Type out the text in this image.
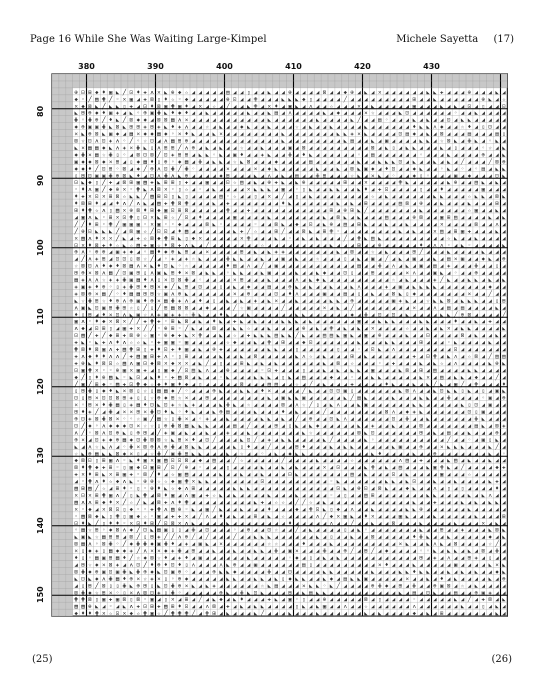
Page 16 While She Was Waiting Large-Kimpel	Michele Sayetta (17)
380	390	400	410	420	430
80
90
100
110
120
130
140
150
⊕ ⊡ ⊞ ◆ ♦ ▣ ◣ ╱ ⊡ ♦ ✚ ʌ ✕ ◣ ⊕ ◆ ☆ ◢ ◢ ◢ ◢ ◢ ▤ ◢ ◢ ▯ ◢ ◢ ◣ ◢ ◢ ⊕ ◢ ◢ ◢ ◢ ⊠ ◢ ◢ ◆ ⊕ ◢ ◣ ◢ ✕ ◢ ◢ ◢ ◢ ◢ ◢ ◣ ◣ ✚ ◢ ◢ ◢ ⊕ ◢ ◢ ◢ ◣ ◢
◆ ◦ ╱ ▤ ⋕ ╱ ◦ ✕ ▣ ◢ ✚ ⊠ ▯ ♦ ☆ ◦ ◆ ◢ ◢ ◢ ◢ ◢ ⊕ ⊡ ◢ ◢ ⋕ ◢ ◢ ◢ ◣ ◣ ◣ ◆ ▯ ◢ ◢ ◢ ◢ ╱ ◢ ◢ ◢ ◢ ◢ ◢ ◢ ◢ ◢ ⊞ ◢ ◢ ◣ ◢ ◢ ◢ ◢ ◢ ◢ ⊕ ◣ ◢ ☆
✕ ◆ ⊠ ◣ ╱ ◣ ◣ ▯ ✚ ◢ ⊡ ♦ ⊠ ▣ ⋕ ▣ ♦ ◢ ✕ ◢ ☆ ◢ ╱ ◢ ◢ ◣ ⋕ ◢ ✕ ♦ ◢ ▣ ◣ ◢ ʌ ◢ ◢ ☆ ◢ ◢ ◢ ✕ ◢ ◣ ◢ ◢ ◢ ◢ ◢ ▣ ◢ ◢ ◢ ◣ ◢ ◣ ◢ ⊡ ◢ ▯ ◢ ◢ ⊡
◣ ⊞ ⊕ ◆ ♦ ▣ ✚ ◢ ◣ ◦ ⊕ ▣ ⋕ ◣ ♦ ◆ ♦ ◢ ◢ ◣ ◢ ◢ ◢ ◢ ◢ ◣ ◢ ◢ ◣ ▤ ◢ ʌ ◢ ◢ ◢ ◢ ◣ ◢ ◆ ◢ ◢ ◢ ✕ ☆ ◢ ◢ ◢ ◣ ⊡ ◢ ◢ ◢ ◢ ◢ ◢ ◦ ◢ ◢ ◣ ◢ ◢ ◢ ◢
⋕ ◦ ⋕ ⊕ ╱ ♦ ◣ ╱ ⊠ ◆ ◆ ◢ ⊠ ⊠ ▤ ʌ ✕ ◢ ◢ ◢ ◢ ◢ ◢ ◢ ◢ ◢ ◢ ◢ ◣ ◢ ◢ ◢ ◢ ◢ ◢ ◣ ◢ ◢ ◢ ◢ ◣ ╱ ◢ ◢ ▤ ◦ ◢ ◢ ◢ ◣ ◢ ◣ ◢ ◢ ⊡ ◢ ◣ ◣ ◢ ◢ ◢ ◢ ◢
◆ ⊕ ▣ ▣ ⋕ ◣ ⊠ ◣ ⊞ ⊞ ✚ ⊞ ✚ ◣ ♦ ✚ ʌ ◢ ◢ ☆ ◢ ◣ ◢ ◢ ◆ ◣ ◢ ◢ ◣ ◢ ◢ ◢ ☆ ◢ ◣ ◢ ◢ ◣ ◢ ◢ ◢ ◢ ◣ ◢ ◢ ◢ ◢ ◢ ◢ ♦ ◣ ◣ ʌ ◆ ◢ ◢ ☆ ♦ ◢ ▯ ⊡ ◢ ◢
✕ ◣ ⊕ ⊠ ◣ ▣ ◆ ◢ ▤ ✕ ◆ ◆ ▤ ◆ ◦ ✕ ♦ ◣ ◢ ◢ ◣ ✕ ◢ ◢ ◢ ◢ ◢ ◢ ◢ ◢ ◣ ◢ ◢ ◢ ◢ ◢ ◢ ◢ ◣ ◣ ✚ ✕ ◣ ◢ ◢ ◢ ◢ ⊡ ▤ ◆ ◢ ◣ ◢ ⊠ ◢ ◢ ◢ ▤ ◢ ◢ ◢ ▤ ▯
⊠ ☆ ⊡ ʌ ⊡ ✚ ʌ ◦ ╱ ◦ ☆ ⊡ ◢ ʌ ▤ ⊞ ⊕ ◢ ◢ ◢ ◢ ◢ ◢ ◢ ◢ ◢ ◢ ◢ ◢ ◢ ◣ ◢ ◢ ◢ ◢ ◢ ◢ ◢ ◢ ◣ ▤ ◢ ◢ ◣ ◢ ▣ ◢ ◢ ◢ ◢ ◣ ◣ ◢ ☆ ⊠ ◣ ◢ ⋕ ◣ ◢ ◦ ◣ ◢
◣ ✕ ▤ ▤ ◆ ◣ ʌ ✚ ✕ ⋕ ◣ ▯ ʌ ⊞ ⊞ ╱ ʌ ⊕ ◢ ◣ ◢ ◣ ◢ ◢ ☆ ◢ ◢ ◣ ◢ ◢ ◢ ▣ ◢ ⊠ ◢ ◢ ◢ ◢ ◢ ◢ ◢ ◢ ◢ ⊠ ◢ ◣ ▯ ◢ ◣ ◣ ◢ ◢ ◢ ◣ ◢ ▯ ◢ ◢ ◢ ◦ ☆ ◢ ◣
◆ ⋕ ✕ ▤ ☆ ⋕ ▯ ◦ ◢ ⊠ ⊡ ⊠ ╱ ⊡ ✚ ⊞ ⊞ ◢ ◣ ◣ ◦ ◣ ◢ ▣ ♦ ◢ ◢ ✚ ◣ ◢ ◢ ⋕ ◢ ♦ ◣ ◢ ◢ ◢ ◢ ◢ ◢ ◦ ◢ ▤ ◢ ◢ ◢ ◢ ◢ ◢ ◦ ◢ ◢ ◢ ◣ ◢ ◢ ◢ ◢ ⊕ ◢ ◢ ◣
▣ ◆ ◆ ⊠ ◆ ✕ ⊞ ◢ ▯ ◆ ▤ ♦ ▯ ⊕ ◦ ◆ ▤ ◢ ⋕ ◢ ◣ ◣ ◢ ☆ ◣ ⊠ ◢ ◢ ◢ ◆ ◢ ◢ ◢ ◢ ▤ ◢ ◢ ◢ ◢ ◢ ◢ ◣ ◢ ◢ ◣ ◣ ◣ ⊡ ◢ ◣ ◢ ◢ ◣ ◢ ◣ ◢ ╱ ◢ ◢ ◢ ╱ ⊠ ⊕
◆ ◆ ♦ ╱ ⊡ ⊞ ◦ ⊠ ◢ ◆ ╱ ⊕ ʌ ⊡ ⋕ ╱ ⋕ ◦ ◢ ◢ ◢ ◢ ✕ ◢ ◢ ◢ ✕ ◢ ◆ ◣ ◢ ◢ ◢ ◢ ◢ ◣ ◢ ◢ ◣ ◢ ⊠ ◣ ▣ ◆ ◢ ♦ ⊡ ◢ ◢ ◆ ◣ ◢ ◢ ◦ ◣ ◢ ◦ ◢ ◦ ▤ ◢ ◣ ◣
▯ ⊞ ⊡ ▣ ▣ ⋕ ⊕ ⊠ ◣ ♦ ◢ ⊡ ʌ ⋕ ʌ ◣ ⊕ ◢ ◢ ◢ ◢ ◆ ⊞ ◢ ◢ ◢ ◣ ◢ ʌ ◢ ◣ ◢ ▤ ◢ ◢ ⋕ ⊞ ◢ ◢ ◢ ☆ ◣ ◢ ✕ ◣ ◢ ◦ ◢ ◢ ◆ ▯ ◦ ◢ ◢ ◢ ▣ ◢ ◆ ◢ ◢ ◢ ⊡ ◣
⊡ ◣ ◆ ▯ ╱ ✚ ◢ ⊠ ⊞ ▣ ▤ ✚ ◣ ⊞ ⊞ ▯ ✚ ◢ ◢ ▣ ◢ ◢ ⊡ ☆ ▤ ◢ ◣ ◢ ⊕ ✚ ◣ ◢ ◣ ⊕ ◢ ◢ ◢ ◢ ◢ ⊞ ◢ ◢ ✕ ◢ ◢ ◢ ◢ ⋕ ◣ ◢ ◢ ◢ ◢ ◢ ◣ ⊕ ◢ ◢ ▤ ◣ ◢ ◣ ◢
◦ ♦ ʌ ▣ ╱ ◆ ⊕ ✕ ◦ ⋕ ◣ ʌ ⊠ ✕ ◦ ▯ ☆ ◢ ◦ ◢ ◣ ◢ ◢ ◢ ◢ ✕ ◣ ◣ ◣ ◢ ▣ ◢ ◦ ▯ ◣ ◢ ◢ ◣ ◣ ◢ ◢ ◣ ♦ ◢ ✚ ⊡ ◢ ◢ ◢ ◢ ▯ ◢ ◢ ♦ ◢ ◢ ◢ ◢ ◢ ▣ ◢ ◢ ◢
♦ ✚ ✕ ⊡ ✕ ⊞ ⊠ ☆ ◣ ◣ ╱ ▤ ⊞ ⊡ ▯ ◣ ▯ ◢ ◢ ◢ ◢ ▤ ◦ ☆ ◢ ◢ ▯ ◢ ✕ ◢ ╱ ◢ ▯ ◢ ◣ ◢ ◢ ◢ ◢ ◢ ◢ ◢ ◢ ☆ ◢ ◣ ◢ ◢ ◢ ◢ ◢ ◢ ◣ ◣ ◢ ◢ ◢ ☆ ◣ ◣ ◢ ⊠ ◣
♦ ⊠ ⊞ ♦ ◢ ◢ ♦ ʌ ╱ ʌ ◣ ◢ ▤ ✚ ⋕ ⊠ ⋕ ◢ ◢ ◢ ◣ ◢ ✚ ◢ ◢ ◢ ◢ ◢ ◢ ◢ ♦ ◣ ◢ ◢ ◢ ◢ ◢ ◢ ◣ ◢ ◣ ◢ ⊞ ◢ ◢ ◢ ◢ ▤ ⊠ ◢ ⊕ ◢ ◢ ◣ ◢ ◢ ◢ ◣ ◢ ◢ ◢ ⊞ ◢
⊞ ♦ ⋕ ☆ ʌ ▯ ▤ ✕ ⊕ ⊠ ♦ ⊞ ◆ ▣ ⊡ ⊞ ⊠ ◢ ◢ ◢ ◢ ◢ ⋕ ◢ ◢ ✚ ◢ ◢ ◢ ◢ ◢ ◢ ◢ ◢ ◢ ◢ ◢ ⊞ ◢ ⊕ ⊞ ◣ ╱ ◢ ◢ ◢ ◢ ◢ ◢ ◢ ◣ ◢ ◢ ◢ ◢ ◢ ◢ ☆ ▣ ◢ ◢ ◣ ◢
◢ ▣ ʌ ◣ ◦ ⊞ ✕ ⊡ ⋕ ▯ ⊡ ✕ ◣ ⊞ ☆ ╱ ⊡ ◢ ♦ ◢ ◢ ◢ ◢ ▣ ◢ ◢ ◢ ◢ ◣ ◢ ◢ ◢ ◢ ◢ ◢ ◢ ◣ ◢ ⊠ ◣ ◢ ◣ ◢ ◢ ◢ ▤ ◢ ◢ ◢ ⊕ ⊠ ◢ ◢ ▣ ⊞ ▤ ◢ ◢ ◢ ◢ ◣ ◢ ◣
╱ ╱ ♦ ⊞ ◦ ⋕ ╱ ▣ ▣ ▣ ◦ ✕ ▣ ◦ ◦ ◆ ◢ ◢ ◢ ⊠ ◣ ◦ ◢ ◢ ◢ ◢ ◦ ◢ ◢ ⊠ ◣ ◢ ◆ ◢ ⊡ ◢ ◣ ⊕ ◢ ▤ ◢ ⊞ ◣ ◢ ◢ ◣ ◢ ◢ ◣ ◢ ◢ ◢ ◢ ✕ ◢ ◢ ◢ ◢ ⊠ ◢ ◢ ʌ ◢
╱ ⊕ ⊡ ◣ ◣ ◣ ╱ ◢ ⊠ ▣ ☆ ╱ ⊡ ⊡ ◢ ♦ ▤ ◢ ◢ ◢ ◢ ◢ ◢ ◣ ✚ ╱ ☆ ◢ ◢ ⊞ ╱ ◢ ◢ ⊠ ◣ ◢ ⊞ ⋕ ◦ ◢ ◢ ◢ ◢ ◢ ◢ ◢ ◢ ◣ ◢ ◣ ◢ ◢ ✕ ▤ ◢ ⊞ ▣ ✚ ◢ ◢ ◢ ◣ ◢
✕ ▤ ʌ ♦ ✕ ✕ ╱ ◣ ◢ ✚ ☆ ⊠ ◆ ⋕ ⊞ ◣ ▯ ◆ ✕ ◢ ◢ ◢ ◢ ◢ ✕ ⋕ ◢ ◢ ◢ ◣ ◢ ◦ ◢ ◣ ◢ ◣ ◢ ◢ ◢ ╱ ◢ ⋕ ◣ ▤ ◣ ◢ ◢ ◢ ◢ ◢ ◢ ◢ ◢ ◢ ☆ ◣ ◢ ◢ ◣ ◢ ◢ ◢ ◢
⊡ ✕ ♦ ⊠ ✚ ♦ ☆ ◣ ☆ ▤ ✚ ▣ ☆ ♦ ⊠ ✚ ʌ ◣ ◢ ╱ ◢ ◢ ◢ ◢ ◢ ◢ ◢ ☆ ◢ ◢ ◢ ◢ ◢ ◢ ◢ ◢ ◢ ◣ ◢ ◢ ◢ ⊞ ◢ ◢ ⊕ ◢ ◢ ◢ ◢ ◢ ♦ ◢ ʌ ʌ ◦ ◢ ◣ ◦ ◢ ◢ ◢ ◢ ◣
⊕ ʌ ◦ ⊕ ⊕ ◢ ▣ ✚ ◆ ◢ ◦ ▤ ♦ ◆ ⊕ ◣ ⊞ ◢ ◢ ✕ ◢ ◢ ◢ ◢ ⊞ ◢ ◣ ◢ ◣ ✚ ✚ ◢ ◢ ◢ ◢ ◢ ◢ ◢ ◣ ◢ ⊠ ◢ ◢ ☆ ◢ ◣ ◢ ◢ ◢ ⊞ ╱ ◢ ◢ ◢ ◣ ◢ ◢ ◢ ◢ ◣ ◢ ◢ ◢
◢ ╱ ʌ ✚ ⊞ ◢ ⊡ ⊡ ▯ ⊠ ☆ ╱ ◢ ◦ ✚ ◢ ✚ ☆ ◣ ◢ ◢ ◢ ⋕ ◣ ◣ ◢ ◢ ◣ ◢ ◢ ▣ ◢ ◣ ◢ ◢ ☆ ◢ ◢ ◢ ▯ ◢ ◣ ◢ ▣ ◢ ╱ ◢ ◣ ◢ ▣ ◢ ◢ ◣ ◢ ▤ ✕ ▣ ◢ ◢ ◆ ◣ ◢ ⊕
☆ ⊠ ⊡ ʌ ♦ ◆ ♦ ⊠ ▤ ʌ ✕ ◣ ♦ ⊡ ◣ ◦ ☆ ◢ ◢ ◢ ◢ ◢ ♦ ▤ ◢ ʌ ◢ ╱ ◢ ▣ ◢ ◢ ◢ ◢ ◢ ◢ ◢ ◢ ◢ ◢ ◢ ▤ ◢ ◢ ⋕ ◢ ʌ ◢ ◣ ◢ ▣ ◢ ▤ ◢ ✚ ◢ ◢ ◢ ⋕ ◢ ◢ ▯ ◢
⊞ ⊕ ✕ ⊠ ʌ ▤ ╱ ⊡ ▣ ⊞ ▯ ʌ ▣ ◣ ⊞ ♦ ✕ ⊠ ◢ ◣ ◣ ◢ ◦ ◣ ◣ ◢ ◢ ◣ ▣ ◢ ◢ ◢ ◣ ◢ ◢ ◣ ◆ ◢ ◢ ⊡ ▯ ◢ ◢ ⊞ ◢ ◢ ◢ ◢ ✕ ʌ ◢ ◢ ▣ ◣ ◢ ◦ ◢ ◢ ⊕ ◢ ◢ ◢ ◢
▤ ✚ ʌ ʌ ☆ ✚ ✚ ⋕ ▣ ▤ ♦ ʌ ▯ ✕ ⊡ ⊠ ⋕ ◢ ◦ ◢ ◢ ◢ ◢ ✕ ⊞ ◢ ◢ ◢ ◣ ◢ ◢ ◢ ʌ ◢ ◣ ◆ ◣ ◢ ◢ ◢ ◢ ◢ ◢ ◢ ◢ ◢ ☆ ◢ ◣ ◢ ◢ ◢ ✚ ╱ ◣ ◢ ◢ ◣ ◣ ◢ ◣ ◢ ◣
✚ ▣ ✚ ♦ ⊕ ◦ ▯ ✚ ⋕ ⊞ ♦ ⊞ ✕ ◆ ╱ ◣ ⊞ ◢ ⊡ ◢ ◢ ▯ ◢ ◣ ◢ ◆ ◢ ◢ ▤ ◢ ◢ ⊕ ◣ ◢ ◣ ◢ ◢ ◣ ◢ ◢ ◣ ʌ ◢ ◢ ◢ ✚ ◢ ▣ ◢ ◣ ◣ ◣ ◣ ◢ ◢ ◢ ◢ ◢ ◢ ◢ ◆ ◢ ◢
✚ ⊠ ⊕ ✕ ▤ ╱ ◦ ♦ ▤ ▤ ⊞ ⊞ ☆ ▣ ʌ ⊕ ◣ ◢ ◢ ◢ ◢ ◢ ◢ ✕ ◢ ⊕ ◢ ◢ ◢ ⊡ ◢ ♦ ʌ ◢ ◢ ◢ ▣ ◢ ◢ ▤ ◢ ▯ ◢ ◣ ◢ ◢ ⊠ ◣ ▯ ◆ ◢ ◢ ◢ ◢ ◢ ◢ ◢ ✕ ◢ ◢ ╱ ◢ ◢
◣ ☆ ⋕ ⊞ ☆ ♦ ⊕ ʌ ⊕ ▣ ♦ ⊕ ✕ ▤ ⋕ ✚ ʌ ◢ ♦ ◢ ▯ ◢ ◣ ◢ ◣ ◢ ✚ ◢ ◣ ✕ ◢ ◢ ◣ ◢ ◢ ◢ ◢ ◣ ◣ ◢ ⊕ ◢ ◢ ◢ ◢ ◢ ▣ ✚ ◣ ◢ ◢ ☆ ◣ ◣ ⊠ ◢ ◣ ◣ ◣ ◢ ◢ ▯ ⊞
ʌ ▣ ◣ ⊡ ▣ ⊞ ⋕ ⊞ ☆ ▯ ╱ ▯ ╱ ⊞ ▤ ⊠ ⊠ ◢ ◢ ◆ ◢ ◢ ◢ ╱ ☆ ▣ ◢ ◢ ◢ ◢ ╱ ◢ ◢ ◢ ◢ ◢ ✕ ◢ ◣ ◢ ╱ ◢ ◢ ◢ ◢ ◢ ◢ ◢ ◢ ✕ ◢ ◢ ʌ ◢ ▤ ◢ ▤ ◢ ◢ ◢ ◢ ◣ ◢
♦ ▯ ⊞ ◢ ♦ ✕ ⊡ ʌ ◣ ▣ ☆ ʌ ✚ ▣ ✚ ✚ ☆ ⋕ ◣ ◢ ◢ ♦ ◣ ◢ ◢ ◣ ◢ ◢ ◢ ◢ ◢ ◢ ◣ ◣ ◢ ◢ ◢ ◢ ◢ ◢ ◆ ◢ ⋕ ◢ ⊡ ◢ ⊡ ◢ ◣ ◢ ◢ ◢ ◢ ◣ ◣ ╱ ⊕ ⊠ ◢ ◢ ◢ ◢ ╱
▣ ʌ ◦ ♦ ◆ ✕ ⊠ ✕ ╱ ╱ ✚ ⋕ ✚ ◦ ⊞ ◣ ⊠ ◢ ◣ ◢ ♦ ◣ ◢ ✚ ◣ ◢ ◣ ◢ ◢ ◢ ◣ ◣ ◣ ◢ ◣ ◢ ◢ ◢ ◢ ◢ ◢ ▣ ◢ ◢ ◣ ◣ ◣ ◢ ◢ ◢ ◣ ◣ ◢ ◢ ◢ ♦ ◢ ◢ ◣ ◢ ✚ ◢ ◢
ʌ ◆ ◢ ⊡ ⊞ ▯ ◢ ▣ ✚ ✕ ╱ ╱ ◦ ⊕ ⊞ ◦ ╱ ◣ ◢ ◢ ⊠ ◢ ◢ ◣ ◣ ☆ ◢ ◢ ◣ ◢ ◢ ◢ ◢ ⊕ ◢ ◣ ◢ ⋕ ◢ ◣ ◢ ◣ ◢ ✕ ◢ ◢ ◢ ◢ ☆ ◢ ◢ ◣ ◢ ◣ ✕ ◢ ◣ ◣ ◢ ◢ ◢ ◢ ◣
⊡ ▤ ╱ ✚ ╱ ◆ ⊞ ✚ ⊠ ⊕ ☆ ▣ ◦ ⊕ ◆ ✚ ◣ ✕ ⋕ ◢ ◢ ◣ ◢ ☆ ◢ ✚ ◣ ◣ ◣ ▤ ◣ ◣ ╱ ◣ ◢ ◢ ▤ ▤ ◣ ▣ ◣ ◢ ▣ ◢ ⊕ ◢ ◢ ◢ ◣ ◢ ◢ ⊡ ◢ ◢ ◢ ◢ ⊠ ◢ ◣ ◢ ◢ ◣ ◢
✚ ◣ ◦ ◣ ✚ ʌ ♦ ʌ ☆ ☆ ◣ ◦ ✚ ▣ ▣ ◦ ▣ ◢ ◢ ◢ ◢ ◢ ☆ ◆ ◢ ◢ ◣ ◢ ⋕ ◢ ⊞ ◢ ◢ ◆ ⊡ ◢ ◢ ◢ ◢ ◢ ◢ ◣ ◢ ◢ ◢ ◣ ◣ ◢ ◢ ◢ ⊞ ◢ ◢ ◢ ◦ ◣ ◢ ◢ ◢ ◢ ◣ ◢ ◢
⋕ ⊠ ♦ ⊠ ▣ ʌ ✚ ▤ ⋕ ⊞ ▯ ✚ ♦ ⊡ ✚ ♦ ▣ ◢ ◣ ◢ ⊕ ✚ ◢ ◢ ◢ ◢ ◢ ◢ ◣ ◣ ◢ ◢ ▯ ◢ ◢ ◢ ◢ ◢ ▯ ◢ ◢ ◦ ◢ ⊡ ◣ ◢ ʌ ◢ ◢ ◢ ◢ ◢ ◢ ◢ ◢ ⊡ ◢ ◢ ◢ ◢ ◢ ◢ ◢
✚ ʌ ◆ ♦ ♦ ʌ ʌ ╱ ✚ ▤ ▣ ⊞ ✚ ʌ ◦ ▯ ⊞ ◢ ◢ ◢ ◢ ◣ ◢ ◢ ◣ ◢ ⊠ ◢ ◢ ◢ ◢ ◢ ◣ ʌ ☆ ◢ ◣ ◢ ◢ ◢ ⊞ ◢ ◣ ◢ ◢ ◢ ◢ ◢ ◢ ✚ ◢ ⊡ ⋕ ◢ ◣ ʌ ◢ ☆ ⊠ ◢ ╱ ▤ ▤
✚ ⊕ ◣ ♦ ⊠ ⊡ ☆ ▤ ʌ ▣ ⊡ ◆ ⊠ ✕ ◆ ✕ ✕ ◢ ◣ ╱ ◢ ▯ ◢ ◢ ⊞ ◣ ◢ ◣ ◢ ◣ ◢ ◢ ◢ ◢ ◢ ◢ ◣ ◢ ⊠ ◢ ☆ ◢ ◢ ◢ ◦ ◢ ✚ ◢ ◢ ◢ ◣ ◢ ◣ ☆ ◢ ʌ ◢ ◢ ◢ ◢ ◣ ⊕ ◣
⊡ ▣ ⋕ ✕ ◦ ◦ ⊕ ▣ ✕ ▣ ✚ ◢ ▯ ▣ ◆ ╱ ⊡ ▤ ◣ ʌ ◢ ◢ ⊕ ◢ ◢ ◢ ◢ ◦ ⊡ ✚ ◢ ◢ ◢ ▯ ◢ ◢ ◣ ◢ ◣ ◢ ◣ ◣ ◢ ▣ ◢ ◢ ◢ ◣ ⊠ ◢ ⊞ ◢ ▤ ◢ ◢ ◢ ◢ ◣ ◣ ◢ ◢ ◢ ◢
◆ ╱ ▯ ♦ ⊕ ▤ ◣ ◦ ◣ ⊡ ◢ ◣ ♦ ◦ ✚ ▤ ⊠ ◢ ◣ ◢ ◢ ◦ ◣ ◢ ◢ ◢ ◣ ◣ ◣ ◢ ▯ ◣ ◢ ▤ ◢ ◢ ◢ ◆ ◢ ◢ ◦ ◢ ◢ ◣ ◣ ◢ ◢ ◢ ◢ ◢ ◣ ✕ ◢ ▤ ◢ ◣ ◣ ◢ ◆ ◢ ◢ ╱ ◢
╱ ▣ ╱ ⊞ ◆ ◦ ▤ ✚ ⊡ ⋕ ◆ ☆ ◆ ♦ ▣ ♦ ◆ ◢ ▯ ◢ ◢ ◢ ◢ ◢ ⊠ ◢ ◢ ◢ ▤ ▤ ◢ ◢ ☆ ◢ ╱ ◢ ◣ ◢ ◢ ◢ ✚ ◢ ◢ ◢ ◢ ♦ ◣ ◢ ◢ ◣ ◢ ◣ ╱ ◣ ◢ ▣ ╱ ◢ ⋕ ◢ ◢ ◢ ♦
▯ ⊞ ⋕ ▯ ◆ ♦ ◣ ✕ ⊠ ▯ ☆ ▯ ▤ ▤ ◆ ╱ ◦ ◢ ◢ ◢ ⊕ ◣ ◢ ◢ ◣ ◣ ◢ ♦ ✕ ◢ ◢ ◢ ◢ ╱ ◣ ◢ ◢ ⊡ ⊡ ▣ ▯ ◢ ◢ ◢ ◢ ◢ ◢ ◣ ⊠ ʌ ◢ ◢ ◣ ⊡ ◣ ◣ ▯ ◣ ◢ ▯ ◢ ▣ ◣
⊡ ▯ ⊞ ✕ ⊡ ⊡ ⊠ ⊞ ✚ ▯ ▯ ☆ ⊕ ◆ ⊞ ☆ ✕ ◢ ◢ ⊞ ◢ ◢ ◢ ◢ ◢ ◢ ◢ ◢ ◣ ◢ ▣ ◣ ◣ ▣ ◢ ◢ ◢ ◢ ◢ ◣ ╱ ▤ ◣ ◢ ◢ ◢ ◣ ◢ ◢ ◢ ◣ ◣ ◢ ◢ ⋕ ◢ ◢ ◢ ◢ ◦ ▣ ◢ ⊕
✕ ◦ ⊞ ✕ ♦ ⋕ ▤ ▯ ✚ ▤ ♦ ⊡ ◣ ⊡ ✚ ☆ ◣ ✚ ◢ ◢ ◢ ◣ ⋕ ◣ ◢ ☆ ◢ ◢ ◢ ◢ ⊠ ◢ ʌ ☆ ╱ ▯ ◢ ◣ ʌ ◢ ◢ ◣ ▣ ◢ ◢ ◢ ◢ ◢ ◢ ◣ ◣ ◢ ◢ ◢ ◢ ◢ ◣ ▯ ⊡ ◢ ▣ ◢ ◢
⊞ ♦ ✚ ╱ ◢ ⋕ ◢ ✕ ✕ ⊞ ✕ ⋕ ⊡ ♦ ◣ ◦ ♦ ◣ ◢ ◢ ◣ ⊕ ▤ ◢ ◢ ◢ ◣ ◢ ◢ ◢ ♦ ◢ ◣ ◢ ◢ ◢ ╱ ◢ ◢ ◢ ◢ ◢ ◢ ◢ ◢ ⊠ ʌ ◢ ◆ ✚ ◣ ◢ ◢ ◢ ◢ ◢ ◢ ⊡ ▯ ▣ ◢ ◢ ◢
⊕ ⊡ ✚ ⊠ ⋕ ⊠ ✕ ◦ ◦ ☆ ▣ ╱ ▤ ☆ ▯ ⋕ ✕ ◢ ◦ ✚ ◢ ◢ ◣ ◢ ◢ ◢ ◢ ◣ ◣ ◢ ◣ ◢ ╱ ◢ ⊕ ◢ ◢ ⊡ ◣ ʌ ◢ ◢ ◢ ◢ ◢ ◢ ⊡ ◢ ⋕ ◢ ◢ ◣ ◢ ◢ ◢ ◢ ◢ ◢ ⋕ ◣ ◢ ◢ ◢
⊡ ╱ ◆ ◦ ʌ ◆ ◆ ◆ ⊡ ✕ ☆ ☆ ▯ ⊕ ⋕ ⊠ ▤ ◣ ◣ ◣ ◢ ◢ ◢ ▤ ◢ ╱ ◢ ◢ ◢ ⊞ ◢ ▯ ◣ ◢ ◣ ◆ ◢ ◢ ◢ ◢ ◢ ◣ ◢ ✚ ◢ ◢ ◣ ◢ ◢ ◢ ⊠ ◢ ◢ ◢ ◢ ◢ ◢ ◢ ▤ ◣ ◢ ⊠ ✚
ʌ ╱ ◦ ⊠ ʌ ⊡ ⊕ ◣ ▯ ⊕ ⊞ ◢ ╱ ✚ ▣ ◢ ◣ ◢ ◢ ◣ ◢ ◢ ✚ ◢ ◢ ◣ ◢ ◢ ◢ ◢ ◢ ◢ ◢ ◣ ☆ ◢ ◢ ◢ ◢ ◢ ◢ ⊠ ◣ ⊡ ◢ ◢ ◢ ◢ ◢ ◢ ⊞ ◢ ◣ ◢ ▤ ◢ ◢ ◣ ◢ ◢ ◢ ⊕ ◢
⊕ ✕ ◢ ⊡ ✚ ◆ ⊕ ▤ ◆ ⊡ ⋕ ⊠ ⊠ ☆ ◣ ⊞ ✕ ♦ ◢ ⊡ ╱ ◢ ◢ ◢ ◣ ⊡ ╱ ◢ ✚ ◢ ◣ ◣ ◢ ◢ ◢ ◢ ◣ ╱ ◢ ◢ ◢ ◢ ◣ ◦ ◢ ◢ ◢ ◢ ◢ ◢ ◢ ◢ ◢ ◢ ╱ ◢ ◢ ◦ ◢ ▣ ▯ ◣ ◢
◣ ◢ ʌ ☆ ◣ ʌ ◢ ◦ ⋕ ✕ ⊠ ⊕ ʌ ⊕ ⋕ ◢ ⊠ ◣ ◣ ◢ ◢ ◢ ◢ ◣ ▯ ♦ ◢ ◢ ╱ ◢ ◢ ◢ ⊞ ♦ ◢ ◢ ◢ ◣ ◢ ◣ ◣ ◢ ◢ ◢ ◢ ◢ ◣ ▣ ◢ ◢ ⊕ ◢ ◢ ✕ ◣ ◣ ◣ ◢ ◢ ◢ ◣ ╱ ◢
☆ ◣ ⊕ ▤ ◣ ◣ ⊠ ◆ ✕ ▯ ◢ ☆ ⋕ ╱ ▣ ⋕ ⊞ ◣ ◣ ◢ ◢ ◢ ◣ ◢ ☆ ◢ ◢ ◦ ◢ ◣ ◢ ◆ ◣ ◣ ◢ ◢ ◢ ◢ ◢ ◢ ◢ ◢ ◢ ◣ ♦ ◢ ◢ ◢ ◢ ◣ ◢ ◢ ⊕ ◢ ◢ ◢ ◢ ◢ ◢ ◢ ◣ ◢ ◦
◆ ⊠ ⊡ ▯ ⊞ ▣ ʌ ◦ ◣ ♦ ▣ ✕ ▣ ▤ ⊡ ⊡ ⊠ ◢ ◆ ◢ ▤ ◢ ◢ ╱ ☆ ◢ ◢ ◢ ◢ ◢ ╱ ◢ ◢ ◢ ◢ ◣ ◢ ◢ ◢ ◢ ☆ ◢ ◢ ◢ ◢ ◢ ◢ ʌ ▤ ◢ ✚ ◢ ◢ ◢ ◣ ▤ ◢ ◣ ◢ ◢ ◣ ◢ ◢
⊠ ♦ ⋕ ◆ ✚ ⊞ ◦ ▯ ▣ ◆ ⊡ ▣ ⊞ ╱ ⊡ ╱ ⊕ ◢ ◦ ◢ ◢ ◢ ▯ ◢ ◢ ◢ ◢ ◣ ◢ ◢ ◣ ◢ ◣ ◢ ◢ ◢ ✕ ◢ ⊡ ◢ ◢ ◢ ◣ ⋕ ◢ ◣ ◢ ▤ ◢ ◢ ◢ ◣ ▣ ⋕ ◣ ◢ ╱ ◢ ◢ ◢ ◢ ◆ ✚
✚ ✕ ♦ ⊞ ◣ ✕ ⊞ ▣ ✚ ◦ ⊠ ╱ ♦ ◢ ☆ ▣ ▤ ◢ ◢ ◢ ◢ ◣ ◢ ◢ ◣ ◢ ◢ ◣ ◢ ◢ ◢ ⊡ ◣ ◢ ◢ ◢ ◢ ◢ ◢ ◢ ▤ ◢ ◣ ◢ ◢ ◢ ⊡ ◢ ◣ ◢ ◢ ◢ ◢ ▣ ◢ ◢ ◢ ☆ ◢ ◢ ◢ ◢ ◢
◢ ◦ ⋕ ʌ ♦ ☆ ◆ ʌ ◣ ◦ ⊕ ⊕ ☆ ☆ ◆ ▣ ⋕ ✕ ◣ ◣ ◢ ◢ ◢ ◢ ◢ ◢ ◢ ⊡ ◢ ◢ ◢ ◢ ◢ ◢ ◢ ◢ ◢ ◦ ◣ ◢ ◢ ◢ ◢ ◢ ◢ ◣ ◣ ◢ ◣ ⊡ ◢ ◢ ◣ ◢ ◢ ◣ ◢ ◢ ◢ ◢ ◣ ✚ ◢
▤ ⊞ ▤ ╱ ☆ ◢ ⊞ ♦ ◦ ▯ ◦ ⊕ ♦ ◣ ☆ ◆ ʌ ⊞ ◢ ◢ ◢ ◢ ◢ ◣ ◣ ◣ ◢ ◢ ◢ ◢ ◢ ◢ ◢ ◢ ◢ ◢ ◢ ◢ ⊡ ◣ ◢ ⊕ ⊡ ◢ ⊠ ◣ ◢ ◢ ◆ ◣ ◢ ◢ ʌ ◢ ▯ ◢ ▯ ◢ ◢ ◢ ◢ ♦ ◢
✕ ⊡ ✕ ⊞ ⋕ ▣ ʌ ╱ ▯ ◣ ⋕ ◢ ⊠ ♦ ▣ ◢ ʌ ▣ ◢ ✚ ☆ ◣ ◢ ◣ ◢ ◢ ◢ ◢ ◣ ◢ ◢ ◢ ◣ ◢ ◢ ◢ ◢ ◦ ◢ ▯ ◢ ◢ ▤ ⊞ ◢ ◢ ◢ ◢ ◢ ◢ ◢ ◣ ◣ ◢ ◢ ◢ ◢ ◣ ◢ ◣ ʌ ◢ ◢
▤ ʌ ʌ ⊞ ◆ ♦ ✕ ╱ ☆ ╱ ◣ ◢ ⊠ ✚ ʌ ♦ ⋕ ◢ ◢ ◢ ◢ ◢ ◢ ◢ ◢ ◢ ◣ ✚ ◢ ☆ ☆ ◢ ╱ ╱ ☆ ◢ ◣ ◢ ◢ ◢ ◢ ◢ ◢ ◢ ◢ ◢ ◢ ◢ ◢ ◣ ◢ ◢ ✚ ◢ ◢ ◢ ◣ ◢ ◣ ◢ ◣ ◣ ◢
✕ ◦ ◆ ◢ ✕ ⊠ ⊡ ▯ ◆ ◦ ◦ ✚ ⋕ ʌ ▤ ⊕ ◦ ◣ ◢ ▣ ╱ ◣ ◢ ◢ ◣ ◢ ◢ ◢ ♦ ◢ ◢ ◢ ◆ ◢ ⋕ ⊡ ◣ ▯ ◆ ◢ ʌ ◢ ◢ ◣ ◢ ◢ ◢ ◢ ◣ ◣ ⊕ ◢ ◢ ◢ ◢ ◢ ◢ ◣ ◢ ◢ ◢ ◢ ◢
◦ ▤ ⊠ ◆ ◣ ▯ ⋕ ▯ ▣ ◆ ☆ ◦ ▣ ◢ ✚ ✚ ✕ ◢ ╱ ʌ ◢ ♦ ◢ ◣ ◢ ◢ ⊞ ◢ ◣ ◢ ☆ ◢ ◢ ◢ ◢ ʌ ╱ ◆ ✕ ▣ ◣ ◢ ♦ ✕ ◢ ◢ ◢ ▣ ◣ ◢ ◢ ◢ ◣ ◢ ◢ ◢ ◢ ◢ ◣ ◢ ◢ ◢ ⊞
⊡ ♦ ◣ ╱ ▯ ♦ ♦ ◦ ✕ ⊡ ♦ ⊞ ╱ ⊡ ⊠ ✕ ʌ ◣ ◢ ◢ ◢ ◢ ◣ ◢ ◢ ◢ ◢ ◢ ◢ ◢ ◢ ♦ ◢ ◢ ◢ ◢ ◢ ʌ ◢ ◢ ╱ ◢ ◢ ◣ ◢ ◢ ⊠ ◢ ◢ ◢ ◣ ◢ ◢ ◢ ◢ ◣ ◢ ◢ ◢ ✕ ◢ ◣ ◢
◦ ▤ ☆ ⊞ ◦ ◆ ⊠ ʌ ◆ ╱ ⊡ ◣ ▤ ▣ ▯ ▯ ◢ ⋕ ◢ ⊡ ◢ ◢ ◢ ◦ ◢ ⊕ ◢ ◢ ⊡ ☆ ◢ ◢ ╱ ◢ ◣ ◢ ◢ ◢ ◢ ▯ ◢ ◣ ◦ ◢ ◢ ◢ ◢ ◢ ◢ ◢ ◣ ◢ ◢ ⊞ ◢ ◢ ✚ ◢ ◢ ◢ ◣ ⊠ ◣
◣ ▣ ◣ ☆ ▤ ⊞ ⊞ ◢ ⊠ ╱ ▯ ⊞ ✚ ╱ ╱ ʌ ⊕ ╱ ◢ ╱ ◢ ◢ ◢ ╱ ◢ ◢ ◣ ◣ ◣ ◢ ◢ ◢ ◢ ◢ ◢ ◣ ◢ ▯ ◢ ◢ ◣ ◢ ◢ ⊠ ◢ ◢ ◢ ◢ ◢ ♦ ⋕ ◣ ◢ ◢ ◣ ◢ ◢ ◢ ◢ ◢ ◆ ◢ ◣
⊠ ▤ ʌ ◦ ⊠ ⋕ ◦ ╱ ◆ ⋕ ⋕ ◆ ▣ ⋕ ♦ ◢ ✚ ◢ ▣ ◣ ◢ ✕ ◢ ◢ ◢ ◢ ◢ ◢ ☆ ☆ ◢ ◢ ◢ ♦ ◢ ◢ ◢ ◣ ◢ ◢ ◢ ◢ ◢ ◢ ◢ ◢ ◢ ✕ ◣ ◢ ◢ ◣ ʌ ◣ ◢ ⊠ ◢ ◢ ◢ ◢ ☆ ╱ ◢
✕ ▯ ◆ ✚ ▯ ▤ ◆ ◆ ✚ ╱ ʌ ✕ ✕ ◆ ✚ ⋕ ◢ ⊞ ◢ ◢ ◣ ◢ ◢ ◣ ◢ ◢ ◣ ◣ ◢ ⋕ ◢ ▣ ✕ ◢ ◢ ◢ ⋕ ◢ ◢ ⊕ ╱ ◢ ⊞ ╱ ◢ ◆ ◢ ◢ ◢ ◢ ◦ ◦ ◣ ◢ ◣ ◣ ◢ ◣ ◢ ⊠ ◢ ⋕ ◢
♦ ▯ ◦ ▤ ▣ ⊞ ▤ ♦ ╱ ☆ ◆ ⊠ ☆ ♦ ◢ ✚ ♦ ◢ ▣ ◢ ◢ ◢ ◢ ◢ ◢ ◣ ◢ ◢ ◢ ◢ ◢ ◦ ◆ ◢ ▯ ◢ ◣ ◢ ◣ ◢ ◢ ◢ ◢ ◢ ◢ ◢ ◢ ◢ ◢ ◢ ⊞ ◢ ✚ ◢ ʌ ◢ ◢ ⊞ ✚ ◢ ▯ ◢ ◢
◢ ⊞ ☆ ◆ ✕ ⊠ ✚ ◢ ʌ ⊡ ╱ ♦ ⊕ ♦ ⊡ ♦ ▯ ʌ ◢ ◢ ◢ ʌ ◣ ⊕ ◢ ◢ ▣ ◢ ◢ ◢ ◢ ◢ ◢ ▤ ▯ ◢ ◢ ◢ ◢ ◢ ◢ ◢ ◢ ◢ ✕ ♦ ◢ ◢ ◢ ◣ ◢ ◢ ◢ ◢ ◢ ▣ ◢ ◢ ◢ ◢ ◣ ✕ ◣
⊠ ⋕ ◆ ⊕ ▣ ⊡ ▣ ⋕ ◣ ⋕ ⊕ ◆ ◣ ⊡ ▣ ⊕ ◦ ◢ ◢ ◢ ⊕ ◣ ◣ ◆ ◢ ◢ ◢ ◢ ⋕ ◢ ◢ ⊡ ◢ ◢ ◢ ◢ ◣ ◣ ◢ ◢ ◢ ◢ ◢ ◣ ◢ ◢ ◢ ◣ ◣ ♦ ◣ ◣ ◢ ◢ ◣ ◢ ◣ ◢ ◣ ◢ ◢ ◆ ◣
◣ ⊡ ◣ ◆ ʌ ⋕ ▤ ♦ ⊕ ✕ ☆ ✚ ✕ ▯ ◦ ⊕ ◆ ◢ ◢ ◢ ◢ ◢ ◣ ◣ ◢ ◢ ◣ ◣ ◢ ◣ ▯ ◆ ◣ ◣ ◢ ◢ ◣ ◆ ◢ ▤ ◣ ◣ ▣ ◢ ◢ ◢ ◢ ◢ ✕ ◢ ◢ ◣ ◢ ♦ ◢ ◣ ◢ ◢ ◢ ◢ ◣ ◢ ⊕
◢ ▯ ⊞ ╱ ⊠ ▯ ▯ ⋕ ◣ ⊕ ⊞ ▯ ◣ ⊡ ⋕ ⊕ ✕ ◣ ◢ ◣ ✚ ◢ ◢ ◢ ◢ ◢ ◢ ☆ ◣ ▤ ◢ ◢ ◢ ✕ ◣ ◣ ◦ ◣ ╱ ◢ ◢ ◢ ◢ ⊕ ⋕ ◆ ◢ ⊞ ◢ ⋕ ◢ ◢ ⊕ ▣ ⊠ ◢ ☆ ◢ ◣ ◢ ◢ ◢ ◢
⊠ ⋕ ◆ ☆ ⊞ ✕ ◦ ▯ ✕ ʌ ⊠ ⊡ ✚ ▯ ⋕ ◦ ◢ ◢ ◢ ◢ ◢ ⊕ ◣ ◢ ⋕ ◣ ⊡ ◣ ◢ ◢ ◢ ⊞ ◢ ◣ ▤ ◣ ◣ ◢ ◢ ◢ ◢ ◢ ◢ ◢ ◢ ◢ ◢ ◣ ◢ ▤ ◢ ⊡ ◣ ◢ ◢ ▤ ◢ ◢ ⊕ ▣ ✚ ◢ ◢
⋕ ⋕ ⊠ ▯ ▣ ✚ ▣ ⊠ ▯ ⊠ ◦ ▣ ◢ ▯ ✕ ◢ ⊞ ◢ ╱ ◢ ◣ ◆ ◢ ◣ ♦ ◢ ◢ ◢ ✚ ◣ ◢ ▣ ◦ ▯ ◢ ◢ ⊕ ◢ ◢ ◢ ◢ ◢ ⊠ ◢ ▯ ◢ ◢ ◢ ◢ ◦ ◢ ◢ ◢ ◢ ◢ ◣ ◢ ╱ ◢ ✚ ⊠ ◢ ◣
▤ ▤ ⊕ ◣ ◢ ◦ ◢ ◣ ʌ ✚ ⊡ ⊞ ✚ ▤ ⊞ ♦ ⊡ ◢ ◢ ʌ ⊠ ◢ ✚ ◢ ◣ ◢ ◣ ◣ ◢ ◢ ◢ ◢ ▯ ◣ ◢ ◣ ▣ ◢ ◢ ʌ ◢ ◢ ☆ ◢ ◢ ◢ ◢ ◢ ◢ ʌ ◢ ◢ ◢ ◢ ◢ ◢ ◣ ◢ ◢ ▯ ◢ ◣ ◢
◆ ♦ ♦ ⋕ ✕ ☆ ⊡ ✕ ◆ ☆ ⋕ ▣ ☆ ╱ ⋕ ⋕ ⋕ ╱ ◢ ⋕ ⊞ ◢ ◣ ◢ ◢ ◢ ◣ ╱ ◢ ◢ ◢ ◣ ◢ ◢ ◢ ◣ ◢ ◢ ◢ ◢ ◢ ◢ ◣ ◢ ◣ ◢ ◢ ◢ ◢ ◆ ◢ ◣ ◢ ⊞ ◢ ◢ ◢ ◢ ◢ ◢ ◢ ◣ ◢
(25)	(26)
